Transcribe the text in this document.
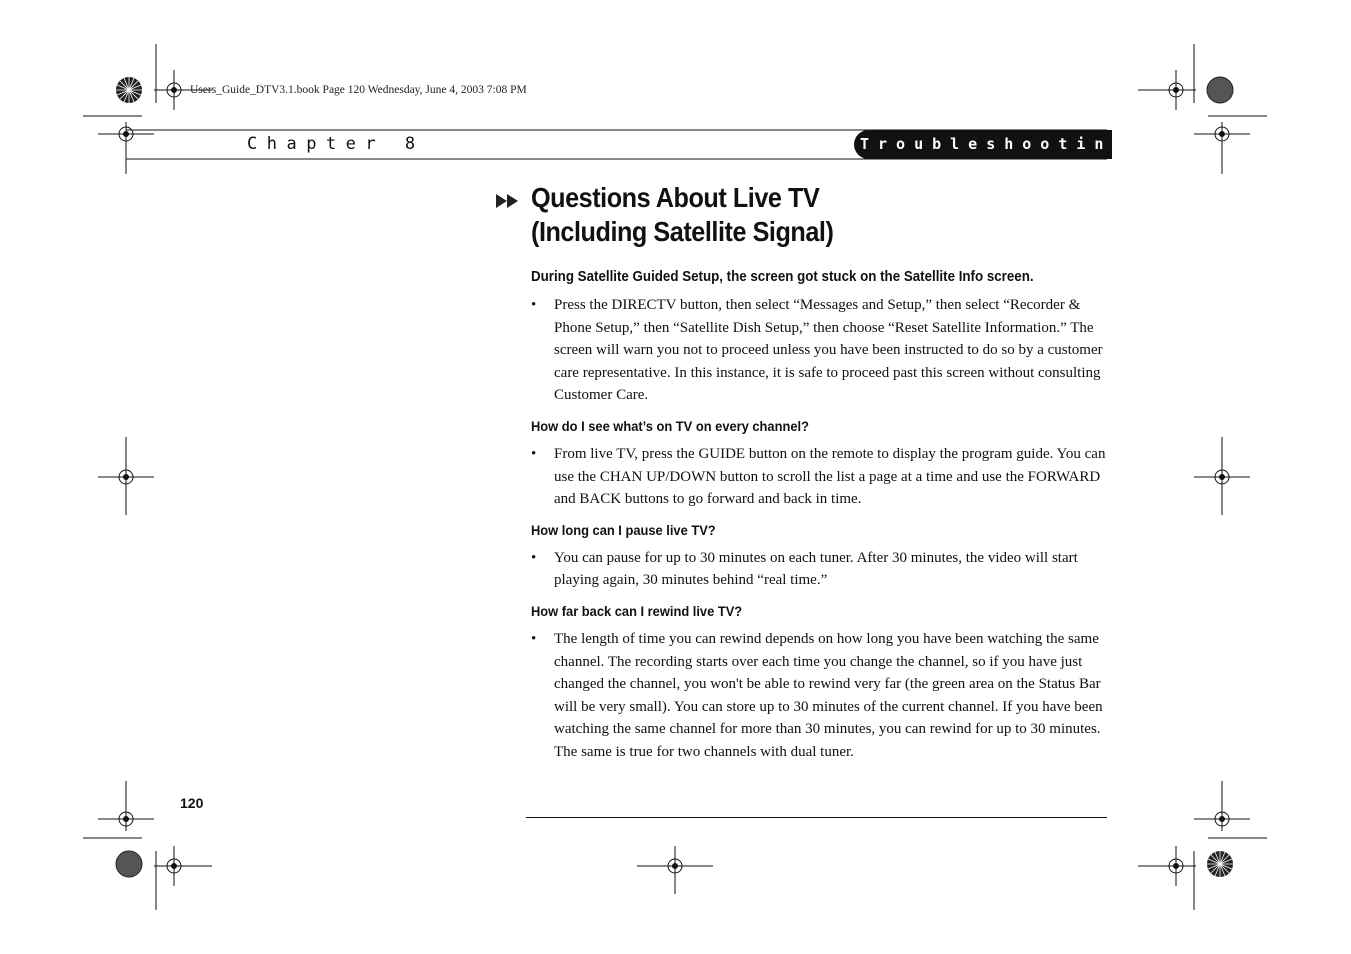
Users_Guide_DTV3.1.book Page 120 Wednesday, June 4, 2003 7:08 PM
Chapter 8	Troubleshooting
Questions About Live TV
(Including Satellite Signal)

During Satellite Guided Setup, the screen got stuck on the Satellite Info screen.

• Press the DIRECTV button, then select “Messages and Setup,” then select “Recorder & Phone Setup,” then “Satellite Dish Setup,” then choose “Reset Satellite Information.” The screen will warn you not to proceed unless you have been instructed to do so by a customer care representative. In this instance, it is safe to proceed past this screen without consulting Customer Care.

How do I see what’s on TV on every channel?

• From live TV, press the GUIDE button on the remote to display the program guide. You can use the CHAN UP/DOWN button to scroll the list a page at a time and use the FORWARD and BACK buttons to go forward and back in time.

How long can I pause live TV?

• You can pause for up to 30 minutes on each tuner. After 30 minutes, the video will start playing again, 30 minutes behind “real time.”

How far back can I rewind live TV?

• The length of time you can rewind depends on how long you have been watching the same channel. The recording starts over each time you change the channel, so if you have just changed the channel, you won't be able to rewind very far (the green area on the Status Bar will be very small). You can store up to 30 minutes of the current channel. If you have been watching the same channel for more than 30 minutes, you can rewind for up to 30 minutes. The same is true for two channels with dual tuner.
120
